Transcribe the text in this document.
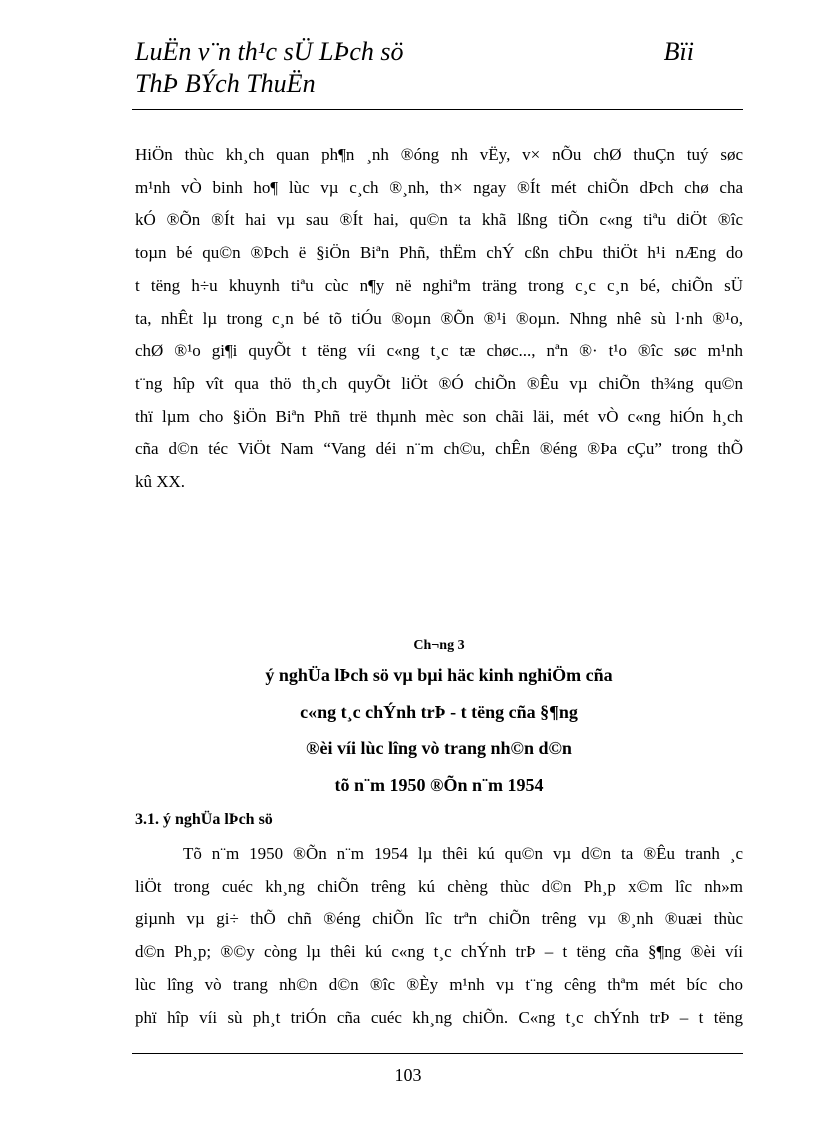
LuËn v¨n th¹c sÜ LÞch sö	Bïi
ThÞ BÝch ThuËn
HiÖn thùc kh¸ch quan ph¶n ¸nh ®óng nh vËy, v× nÕu chØ thuÇn tuý søc
m¹nh vÒ binh ho¶ lùc vµ c¸ch ®¸nh, th× ngay ®Ít mét chiÕn dÞch chø cha
kÓ ®Õn ®Ít hai vµ sau ®Ít hai, qu©n ta khã lßng tiÕn c«ng tiªu diÖt ®îc
toµn bé qu©n ®Þch ë §iÖn Biªn Phñ, thËm chÝ cßn chÞu thiÖt h¹i nÆng do
t tëng h÷u khuynh tiªu cùc n¶y në nghiªm träng trong c¸c c¸n bé, chiÕn sÜ
ta, nhÊt lµ trong c¸n bé tõ tiÓu ®oµn ®Õn ®¹i ®oµn. Nhng nhê sù l·nh ®¹o,
chØ ®¹o gi¶i quyÕt t tëng víi c«ng t¸c tæ chøc..., nªn ®· t¹o ®îc søc m¹nh
t¨ng hîp vît qua thö th¸ch quyÕt liÖt ®Ó chiÕn ®Êu vµ chiÕn th¾ng qu©n
thï lµm cho §iÖn Biªn Phñ trë thµnh mèc son chãi läi, mét vÒ c«ng hiÓn h¸ch
cña d©n téc ViÖt Nam “Vang déi n¨m ch©u, chÊn ®éng ®Þa cÇu” trong thÕ
kû XX.
Ch¬ng 3
ý nghÜa lÞch sö vµ bµi häc kinh nghiÖm cña
c«ng t¸c chÝnh trÞ - t tëng cña §¶ng
®èi víi lùc lîng vò trang nh©n d©n
tõ n¨m 1950 ®Õn n¨m 1954
3.1. ý nghÜa lÞch sö
Tõ n¨m 1950 ®Õn n¨m 1954 lµ thêi kú qu©n vµ d©n ta ®Êu tranh ¸c
liÖt trong cuéc kh¸ng chiÕn trêng kú chèng thùc d©n Ph¸p x©m lîc nh»m
giµnh vµ gi÷ thÕ chñ ®éng chiÕn lîc trªn chiÕn trêng vµ ®¸nh ®uæi thùc
d©n Ph¸p; ®©y còng lµ thêi kú c«ng t¸c chÝnh trÞ – t tëng cña §¶ng ®èi víi
lùc lîng vò trang nh©n d©n ®îc ®Èy m¹nh vµ t¨ng cêng thªm mét bíc cho
phï hîp víi sù ph¸t triÓn cña cuéc kh¸ng chiÕn. C«ng t¸c chÝnh trÞ – t tëng
103
